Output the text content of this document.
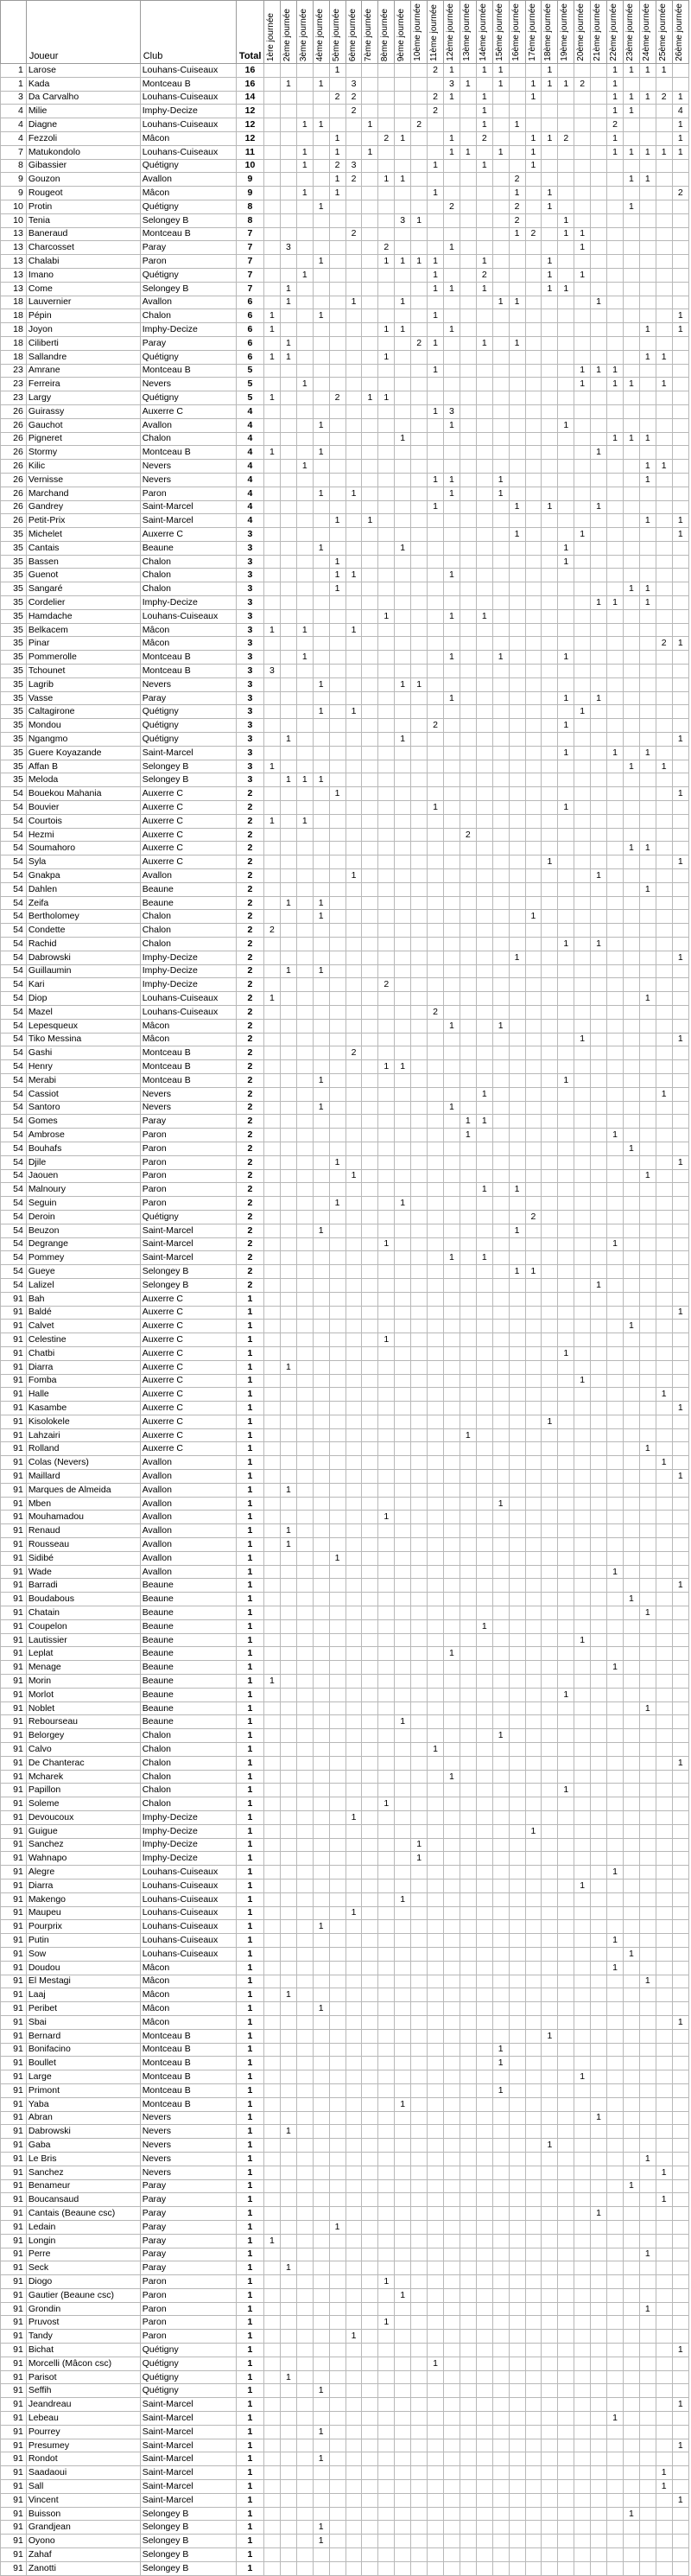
	Joueur	Club	Total	1ère journée	2ème journée	3ème journée	4ème journée	5ème journée	6ème journée	7ème journée	8ème journée	9ème journée	10ème journée	11ème journée	12ème journée	13ème journée	14ème journée	15ème journée	16ème journée	17ème journée	18ème journée	19ème journée	20ème journée	21ème journée	22ème journée	23ème journée	24ème journée	25ème journée	26ème journée

1	Larose	Louhans-Cuiseaux	16					1						2	1		1	1			1				1	1	1	1	
1	Kada	Montceau B	16		1		1		3						3	1		1		1	1	1	2		1				
3	Da Carvalho	Louhans-Cuiseaux	14					2	2					2	1		1			1					1	1	1	2	1
4	Milie	Imphy-Decize	12						2					2			1								1	1			4
4	Diagne	Louhans-Cuiseaux	12			1	1			1			2				1		1						2				1
4	Fezzoli	Mâcon	12					1			2	1			1		2			1	1	2			1				1
7	Matukondolo	Louhans-Cuiseaux	11			1		1		1					1	1		1		1					1	1	1	1	1
8	Gibassier	Quétigny	10			1		2	3					1			1			1									
9	Gouzon	Avallon	9					1	2		1	1							2							1	1		
9	Rougeot	Mâcon	9			1		1						1					1		1								2
10	Protin	Quétigny	8				1								2				2		1					1			
10	Tenia	Selongey B	8									3	1						2			1							
13	Baneraud	Montceau B	7						2										1	2		1	1						
13	Charcosset	Paray	7		3						2				1								1						
13	Chalabi	Paron	7				1				1	1	1	1			1				1								
13	Imano	Quétigny	7			1								1			2				1		1						
13	Come	Selongey B	7		1									1	1		1				1	1							
18	Lauvernier	Avallon	6		1				1			1						1	1					1					
18	Pépin	Chalon	6	1			1							1															1
18	Joyon	Imphy-Decize	6	1							1	1			1												1		1
18	Ciliberti	Paray	6		1								2	1			1		1										
18	Sallandre	Quétigny	6	1	1						1																1	1	
23	Amrane	Montceau B	5											1									1	1	1				
23	Ferreira	Nevers	5			1																	1		1	1		1	
23	Largy	Quétigny	5	1				2		1	1																		
26	Guirassy	Auxerre C	4											1	3														
26	Gauchot	Avallon	4				1								1							1							
26	Pigneret	Chalon	4									1													1	1	1		
26	Stormy	Montceau B	4	1			1																	1					
26	Kilic	Nevers	4			1																					1	1	
26	Vernisse	Nevers	4											1	1			1									1		
26	Marchand	Paron	4				1		1						1			1											
26	Gandrey	Saint-Marcel	4											1					1		1			1					
26	Petit-Prix	Saint-Marcel	4					1		1																	1		1
35	Michelet	Auxerre C	3																1				1						1
35	Cantais	Beaune	3				1					1										1							
35	Bassen	Chalon	3					1														1							
35	Guenot	Chalon	3					1	1						1														
35	Sangaré	Chalon	3					1																		1	1		
35	Cordelier	Imphy-Decize	3																					1	1		1		
35	Hamdache	Louhans-Cuiseaux	3								1				1		1												
35	Belkacem	Mâcon	3	1		1			1																				
35	Pinar	Mâcon	3																									2	1
35	Pommerolle	Montceau B	3			1									1			1				1							
35	Tchounet	Montceau B	3	3																									
35	Lagrib	Nevers	3				1					1	1																
35	Vasse	Paray	3												1							1		1					
35	Caltagirone	Quétigny	3				1		1														1						
35	Mondou	Quétigny	3											2								1							
35	Ngangmo	Quétigny	3		1							1																	1
35	Guere Koyazande	Saint-Marcel	3																			1			1		1		
35	Affan B	Selongey B	3	1																						1		1	
35	Meloda	Selongey B	3		1	1	1																						
54	Bouekou Mahania	Auxerre C	2					1																					1
54	Bouvier	Auxerre C	2											1								1							
54	Courtois	Auxerre C	2	1		1																							
54	Hezmi	Auxerre C	2													2													
54	Soumahoro	Auxerre C	2																							1	1		
54	Syla	Auxerre C	2																		1								1
54	Gnakpa	Avallon	2						1															1					
54	Dahlen	Beaune	2																								1		
54	Zeifa	Beaune	2		1		1																						
54	Bertholomey	Chalon	2				1													1									
54	Condette	Chalon	2	2																									
54	Rachid	Chalon	2																			1		1					
54	Dabrowski	Imphy-Decize	2																1										1
54	Guillaumin	Imphy-Decize	2		1		1																						
54	Kari	Imphy-Decize	2								2																		
54	Diop	Louhans-Cuiseaux	2	1																							1		
54	Mazel	Louhans-Cuiseaux	2											2															
54	Lepesqueux	Mâcon	2												1			1											
54	Tiko Messina	Mâcon	2																				1						1
54	Gashi	Montceau B	2						2																				
54	Henry	Montceau B	2								1	1																	
54	Merabi	Montceau B	2				1															1							
54	Cassiot	Nevers	2														1											1	
54	Santoro	Nevers	2				1								1														
54	Gomes	Paray	2													1	1												
54	Ambrose	Paron	2													1									1				
54	Bouhafs	Paron	2																							1			
54	Djile	Paron	2					1																					1
54	Jaouen	Paron	2						1																		1		
54	Malnoury	Paron	2														1		1										
54	Seguin	Paron	2					1				1																	
54	Deroin	Quétigny	2																	2									
54	Beuzon	Saint-Marcel	2				1												1										
54	Degrange	Saint-Marcel	2								1														1				
54	Pommey	Saint-Marcel	2												1		1												
54	Gueye	Selongey B	2																1	1									
54	Lalizel	Selongey B	2																					1					
91	Bah	Auxerre C	1																										
91	Baldé	Auxerre C	1																										1
91	Calvet	Auxerre C	1																							1			
91	Celestine	Auxerre C	1								1																		
91	Chatbi	Auxerre C	1																			1							
91	Diarra	Auxerre C	1		1																								
91	Fomba	Auxerre C	1																				1						
91	Halle	Auxerre C	1																									1	
91	Kasambe	Auxerre C	1																										1
91	Kisolokele	Auxerre C	1																		1								
91	Lahzairi	Auxerre C	1													1													
91	Rolland	Auxerre C	1																								1		
91	Colas (Nevers)	Avallon	1																									1	
91	Maillard	Avallon	1																										1
91	Marques de Almeida	Avallon	1		1																								
91	Mben	Avallon	1															1											
91	Mouhamadou	Avallon	1								1																		
91	Renaud	Avallon	1		1																								
91	Rousseau	Avallon	1		1																								
91	Sidibé	Avallon	1					1																					
91	Wade	Avallon	1																						1				
91	Barradi	Beaune	1																										1
91	Boudabous	Beaune	1																							1			
91	Chatain	Beaune	1																								1		
91	Coupelon	Beaune	1														1												
91	Lautissier	Beaune	1																				1						
91	Leplat	Beaune	1												1														
91	Menage	Beaune	1																						1				
91	Morin	Beaune	1	1																									
91	Morlot	Beaune	1																			1							
91	Noblet	Beaune	1																								1		
91	Rebourseau	Beaune	1									1																	
91	Belorgey	Chalon	1															1											
91	Calvo	Chalon	1											1															
91	De Chanterac	Chalon	1																										1
91	Mcharek	Chalon	1												1														
91	Papillon	Chalon	1																			1							
91	Soleme	Chalon	1								1																		
91	Devoucoux	Imphy-Decize	1						1																				
91	Guigue	Imphy-Decize	1																	1									
91	Sanchez	Imphy-Decize	1										1																
91	Wahnapo	Imphy-Decize	1										1																
91	Alegre	Louhans-Cuiseaux	1																						1				
91	Diarra	Louhans-Cuiseaux	1																				1						
91	Makengo	Louhans-Cuiseaux	1									1																	
91	Maupeu	Louhans-Cuiseaux	1						1																				
91	Pourprix	Louhans-Cuiseaux	1				1																						
91	Putin	Louhans-Cuiseaux	1																						1				
91	Sow	Louhans-Cuiseaux	1																							1			
91	Doudou	Mâcon	1																						1				
91	El Mestagi	Mâcon	1																								1		
91	Laaj	Mâcon	1		1																								
91	Peribet	Mâcon	1				1																						
91	Sbai	Mâcon	1																										1
91	Bernard	Montceau B	1																		1								
91	Bonifacino	Montceau B	1															1											
91	Boullet	Montceau B	1															1											
91	Large	Montceau B	1																				1						
91	Primont	Montceau B	1															1											
91	Yaba	Montceau B	1									1																	
91	Abran	Nevers	1																					1					
91	Dabrowski	Nevers	1		1																								
91	Gaba	Nevers	1																		1								
91	Le Bris	Nevers	1																								1		
91	Sanchez	Nevers	1																									1	
91	Benameur	Paray	1																							1			
91	Boucansaud	Paray	1																									1	
91	Cantais (Beaune csc)	Paray	1																					1					
91	Ledain	Paray	1					1																					
91	Longin	Paray	1	1																									
91	Perre	Paray	1																								1		
91	Seck	Paray	1		1																								
91	Diogo	Paron	1								1																		
91	Gautier (Beaune csc)	Paron	1									1																	
91	Grondin	Paron	1																								1		
91	Pruvost	Paron	1								1																		
91	Tandy	Paron	1						1																				
91	Bichat	Quétigny	1																										1
91	Morcelli (Mâcon csc)	Quétigny	1											1															
91	Parisot	Quétigny	1		1																								
91	Seffih	Quétigny	1				1																						
91	Jeandreau	Saint-Marcel	1																										1
91	Lebeau	Saint-Marcel	1																						1				
91	Pourrey	Saint-Marcel	1				1																						
91	Presumey	Saint-Marcel	1																										1
91	Rondot	Saint-Marcel	1				1																						
91	Saadaoui	Saint-Marcel	1																									1	
91	Sall	Saint-Marcel	1																									1	
91	Vincent	Saint-Marcel	1																										1
91	Buisson	Selongey B	1																							1			
91	Grandjean	Selongey B	1				1																						
91	Oyono	Selongey B	1				1																						
91	Zahaf	Selongey B	1																										
91	Zanotti	Selongey B	1																										
